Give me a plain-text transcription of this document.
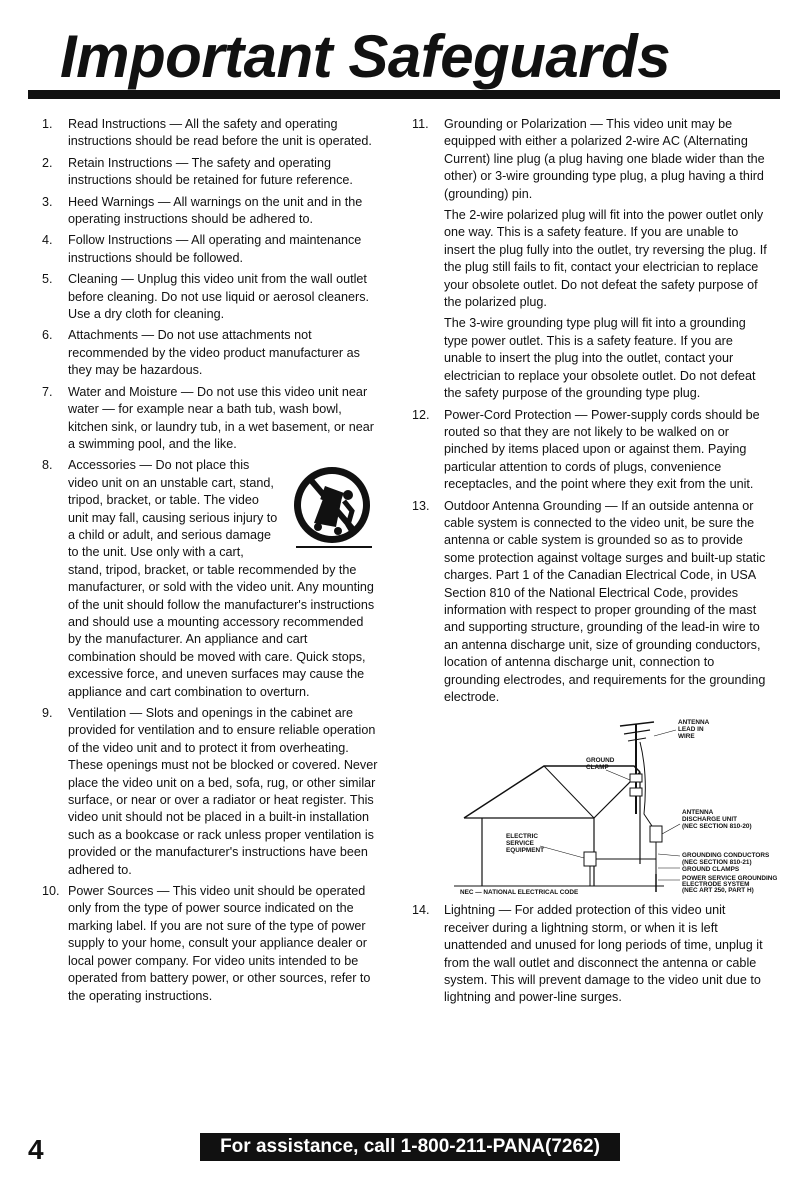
Important Safeguards
1.	Read Instructions — All the safety and operating instructions should be read before the unit is operated.

2.	Retain Instructions — The safety and operating instructions should be retained for future reference.

3.	Heed Warnings — All warnings on the unit and in the operating instructions should be adhered to.

4.	Follow Instructions — All operating and maintenance instructions should be followed.

5.	Cleaning — Unplug this video unit from the wall outlet before cleaning. Do not use liquid or aerosol cleaners. Use a dry cloth for cleaning.

6.	Attachments — Do not use attachments not recommended by the video product manufacturer as they may be hazardous.

7.	Water and Moisture — Do not use this video unit near water — for example near a bath tub, wash bowl, kitchen sink, or laundry tub, in a wet basement, or near a swimming pool, and the like.

8.	Accessories — Do not place this video unit on an unstable cart, stand, tripod, bracket, or table. The video unit may fall, causing serious injury to a child or adult, and serious damage to the unit. Use only with a cart, stand, tripod, bracket, or table recommended by the manufacturer, or sold with the video unit. Any mounting of the unit should follow the manufacturer's instructions and should use a mounting accessory recommended by the manufacturer. An appliance and cart combination should be moved with care. Quick stops, excessive force, and uneven surfaces may cause the appliance and cart combination to overturn.

9.	Ventilation — Slots and openings in the cabinet are provided for ventilation and to ensure reliable operation of the video unit and to protect it from overheating. These openings must not be blocked or covered. Never place the video unit on a bed, sofa, rug, or other similar surface, or near or over a radiator or heat register. This video unit should not be placed in a built-in installation such as a bookcase or rack unless proper ventilation is provided or the manufacturer's instructions have been adhered to.

10. Power Sources — This video unit should be operated only from the type of power source indicated on the marking label. If you are not sure of the type of power supply to your home, consult your appliance dealer or local power company. For video units intended to be operated from battery power, or other sources, refer to the operating instructions.

11.	Grounding or Polarization — This video unit may be equipped with either a polarized 2-wire AC (Alternating Current) line plug (a plug having one blade wider than the other) or 3-wire grounding type plug, a plug having a third (grounding) pin.

The 2-wire polarized plug will fit into the power outlet only one way. This is a safety feature. If you are unable to insert the plug fully into the outlet, try reversing the plug. If the plug still fails to fit, contact your electrician to replace your obsolete outlet. Do not defeat the safety purpose of the polarized plug.

The 3-wire grounding type plug will fit into a grounding type power outlet. This is a safety feature. If you are unable to insert the plug into the outlet, contact your electrician to replace your obsolete outlet. Do not defeat the safety purpose of the grounding type plug.

12.	Power-Cord Protection — Power-supply cords should be routed so that they are not likely to be walked on or pinched by items placed upon or against them. Paying particular attention to cords of plugs, convenience receptacles, and the point where they exit from the unit.

13.	Outdoor Antenna Grounding — If an outside antenna or cable system is connected to the video unit, be sure the antenna or cable system is grounded so as to provide some protection against voltage surges and built-up static charges. Part 1 of the Canadian Electrical Code, in USA Section 810 of the National Electrical Code, provides information with respect to proper grounding of the mast and supporting structure, grounding of the lead-in wire to an antenna discharge unit, size of grounding conductors, location of antenna discharge unit, connection to grounding electrodes, and requirements for the grounding electrode.

ANTENNA
LEAD IN
WIRE
GROUND
CLAMP
ANTENNA
DISCHARGE UNIT
(NEC SECTION 810-20)
ELECTRIC
SERVICE
EQUIPMENT
GROUNDING CONDUCTORS
(NEC SECTION 810-21)
GROUND CLAMPS
POWER SERVICE GROUNDING
ELECTRODE SYSTEM
(NEC ART 250, PART H)
NEC — NATIONAL ELECTRICAL CODE
14.	Lightning — For added protection of this video unit receiver during a lightning storm, or when it is left unattended and unused for long periods of time, unplug it from the wall outlet and disconnect the antenna or cable system. This will prevent damage to the video unit due to lightning and power-line surges.

4	For assistance, call 1-800-211-PANA(7262)
